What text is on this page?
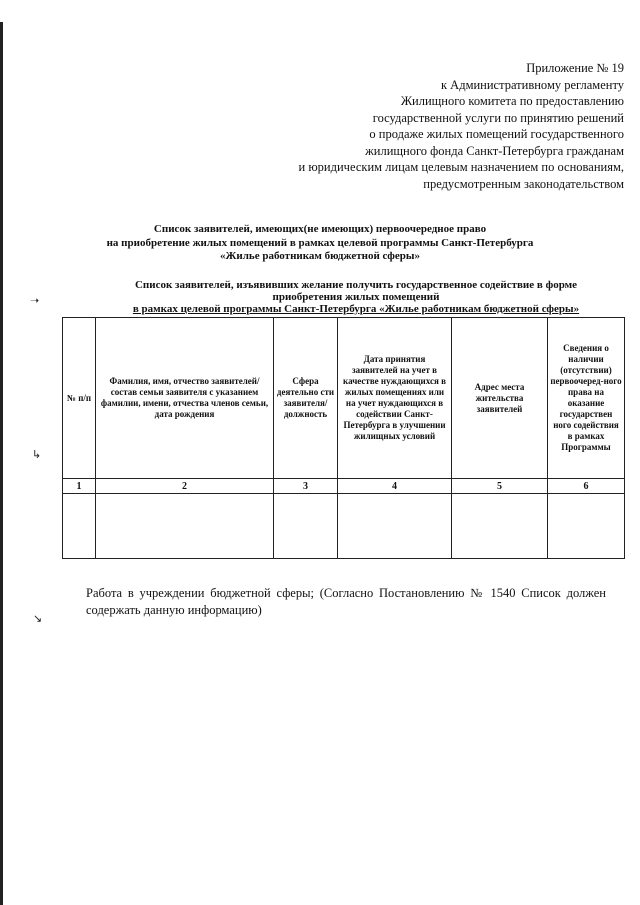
Приложение № 19
к Административному регламенту
Жилищного комитета по предоставлению
государственной услуги по принятию решений
о продаже жилых помещений государственного
жилищного фонда Санкт-Петербурга гражданам
и юридическим лицам целевым назначением по основаниям,
предусмотренным законодательством
Список заявителей, имеющих(не имеющих) первоочередное право
на приобретение жилых помещений в рамках целевой программы Санкт-Петербурга
«Жилье работникам бюджетной сферы»
Список заявителей, изъявивших желание получить государственное содействие в форме
приобретения жилых помещений
в рамках целевой программы Санкт-Петербурга «Жилье работникам бюджетной сферы»
№ п/п	Фамилия, имя, отчество заявителей/состав семьи заявителя с указанием фамилии, имени, отчества членов семьи, дата рождения	Сфера деятельно сти заявителя/ должность	Дата принятия заявителей на учет в качестве нуждающихся в жилых помещениях или на учет нуждающихся в содействии Санкт-Петербурга в улучшении жилищных условий	Адрес места жительства заявителей	Сведения о наличии (отсутствии) первоочеред-ного права на оказание государствен ного содействия в рамках Программы
1	2	3	4	5	6

Работа в учреждении бюджетной сферы; (Согласно Постановлению № 1540 Список должен содержать данную информацию)
➝
↳
↘
